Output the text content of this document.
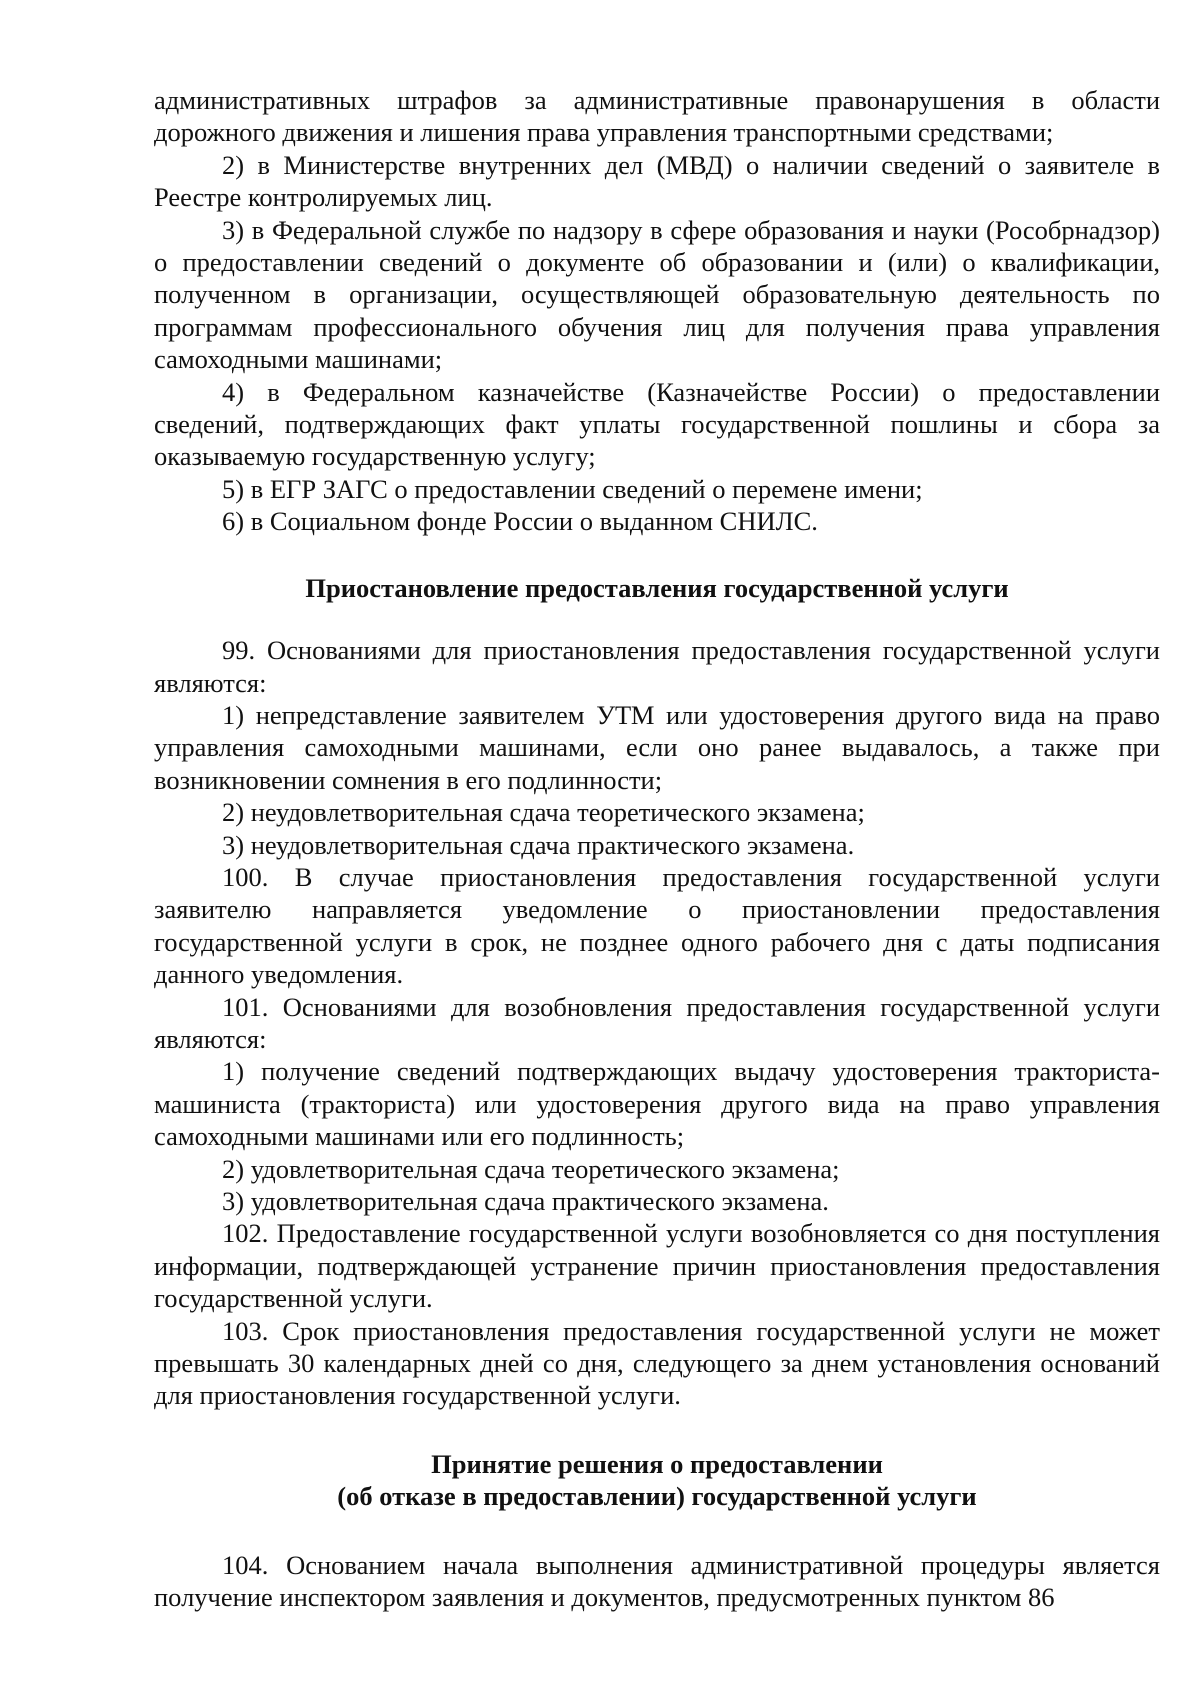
административных штрафов за административные правонарушения в области дорожного движения и лишения права управления транспортными средствами;

2) в Министерстве внутренних дел (МВД) о наличии сведений о заявителе в Реестре контролируемых лиц.

3) в Федеральной службе по надзору в сфере образования и науки (Рособрнадзор) о предоставлении сведений о документе об образовании и (или) о квалификации, полученном в организации, осуществляющей образовательную деятельность по программам профессионального обучения лиц для получения права управления самоходными машинами;

4) в Федеральном казначействе (Казначействе России) о предоставлении сведений, подтверждающих факт уплаты государственной пошлины и сбора за оказываемую государственную услугу;

5) в ЕГР ЗАГС о предоставлении сведений о перемене имени;

6) в Социальном фонде России о выданном СНИЛС.

Приостановление предоставления государственной услуги

99. Основаниями для приостановления предоставления государственной услуги являются:

1) непредставление заявителем УТМ или удостоверения другого вида на право управления самоходными машинами, если оно ранее выдавалось, а также при возникновении сомнения в его подлинности;

2) неудовлетворительная сдача теоретического экзамена;

3) неудовлетворительная сдача практического экзамена.

100. В случае приостановления предоставления государственной услуги заявителю направляется уведомление о приостановлении предоставления государственной услуги в срок, не позднее одного рабочего дня с даты подписания данного уведомления.

101. Основаниями для возобновления предоставления государственной услуги являются:

1) получение сведений подтверждающих выдачу удостоверения тракториста-машиниста (тракториста) или удостоверения другого вида на право управления самоходными машинами или его подлинность;

2) удовлетворительная сдача теоретического экзамена;

3) удовлетворительная сдача практического экзамена.

102. Предоставление государственной услуги возобновляется со дня поступления информации, подтверждающей устранение причин приостановления предоставления государственной услуги.

103. Срок приостановления предоставления государственной услуги не может превышать 30 календарных дней со дня, следующего за днем установления оснований для приостановления государственной услуги.

Принятие решения о предоставлении

(об отказе в предоставлении) государственной услуги

104. Основанием начала выполнения административной процедуры является получение инспектором заявления и документов, предусмотренных пунктом 86
